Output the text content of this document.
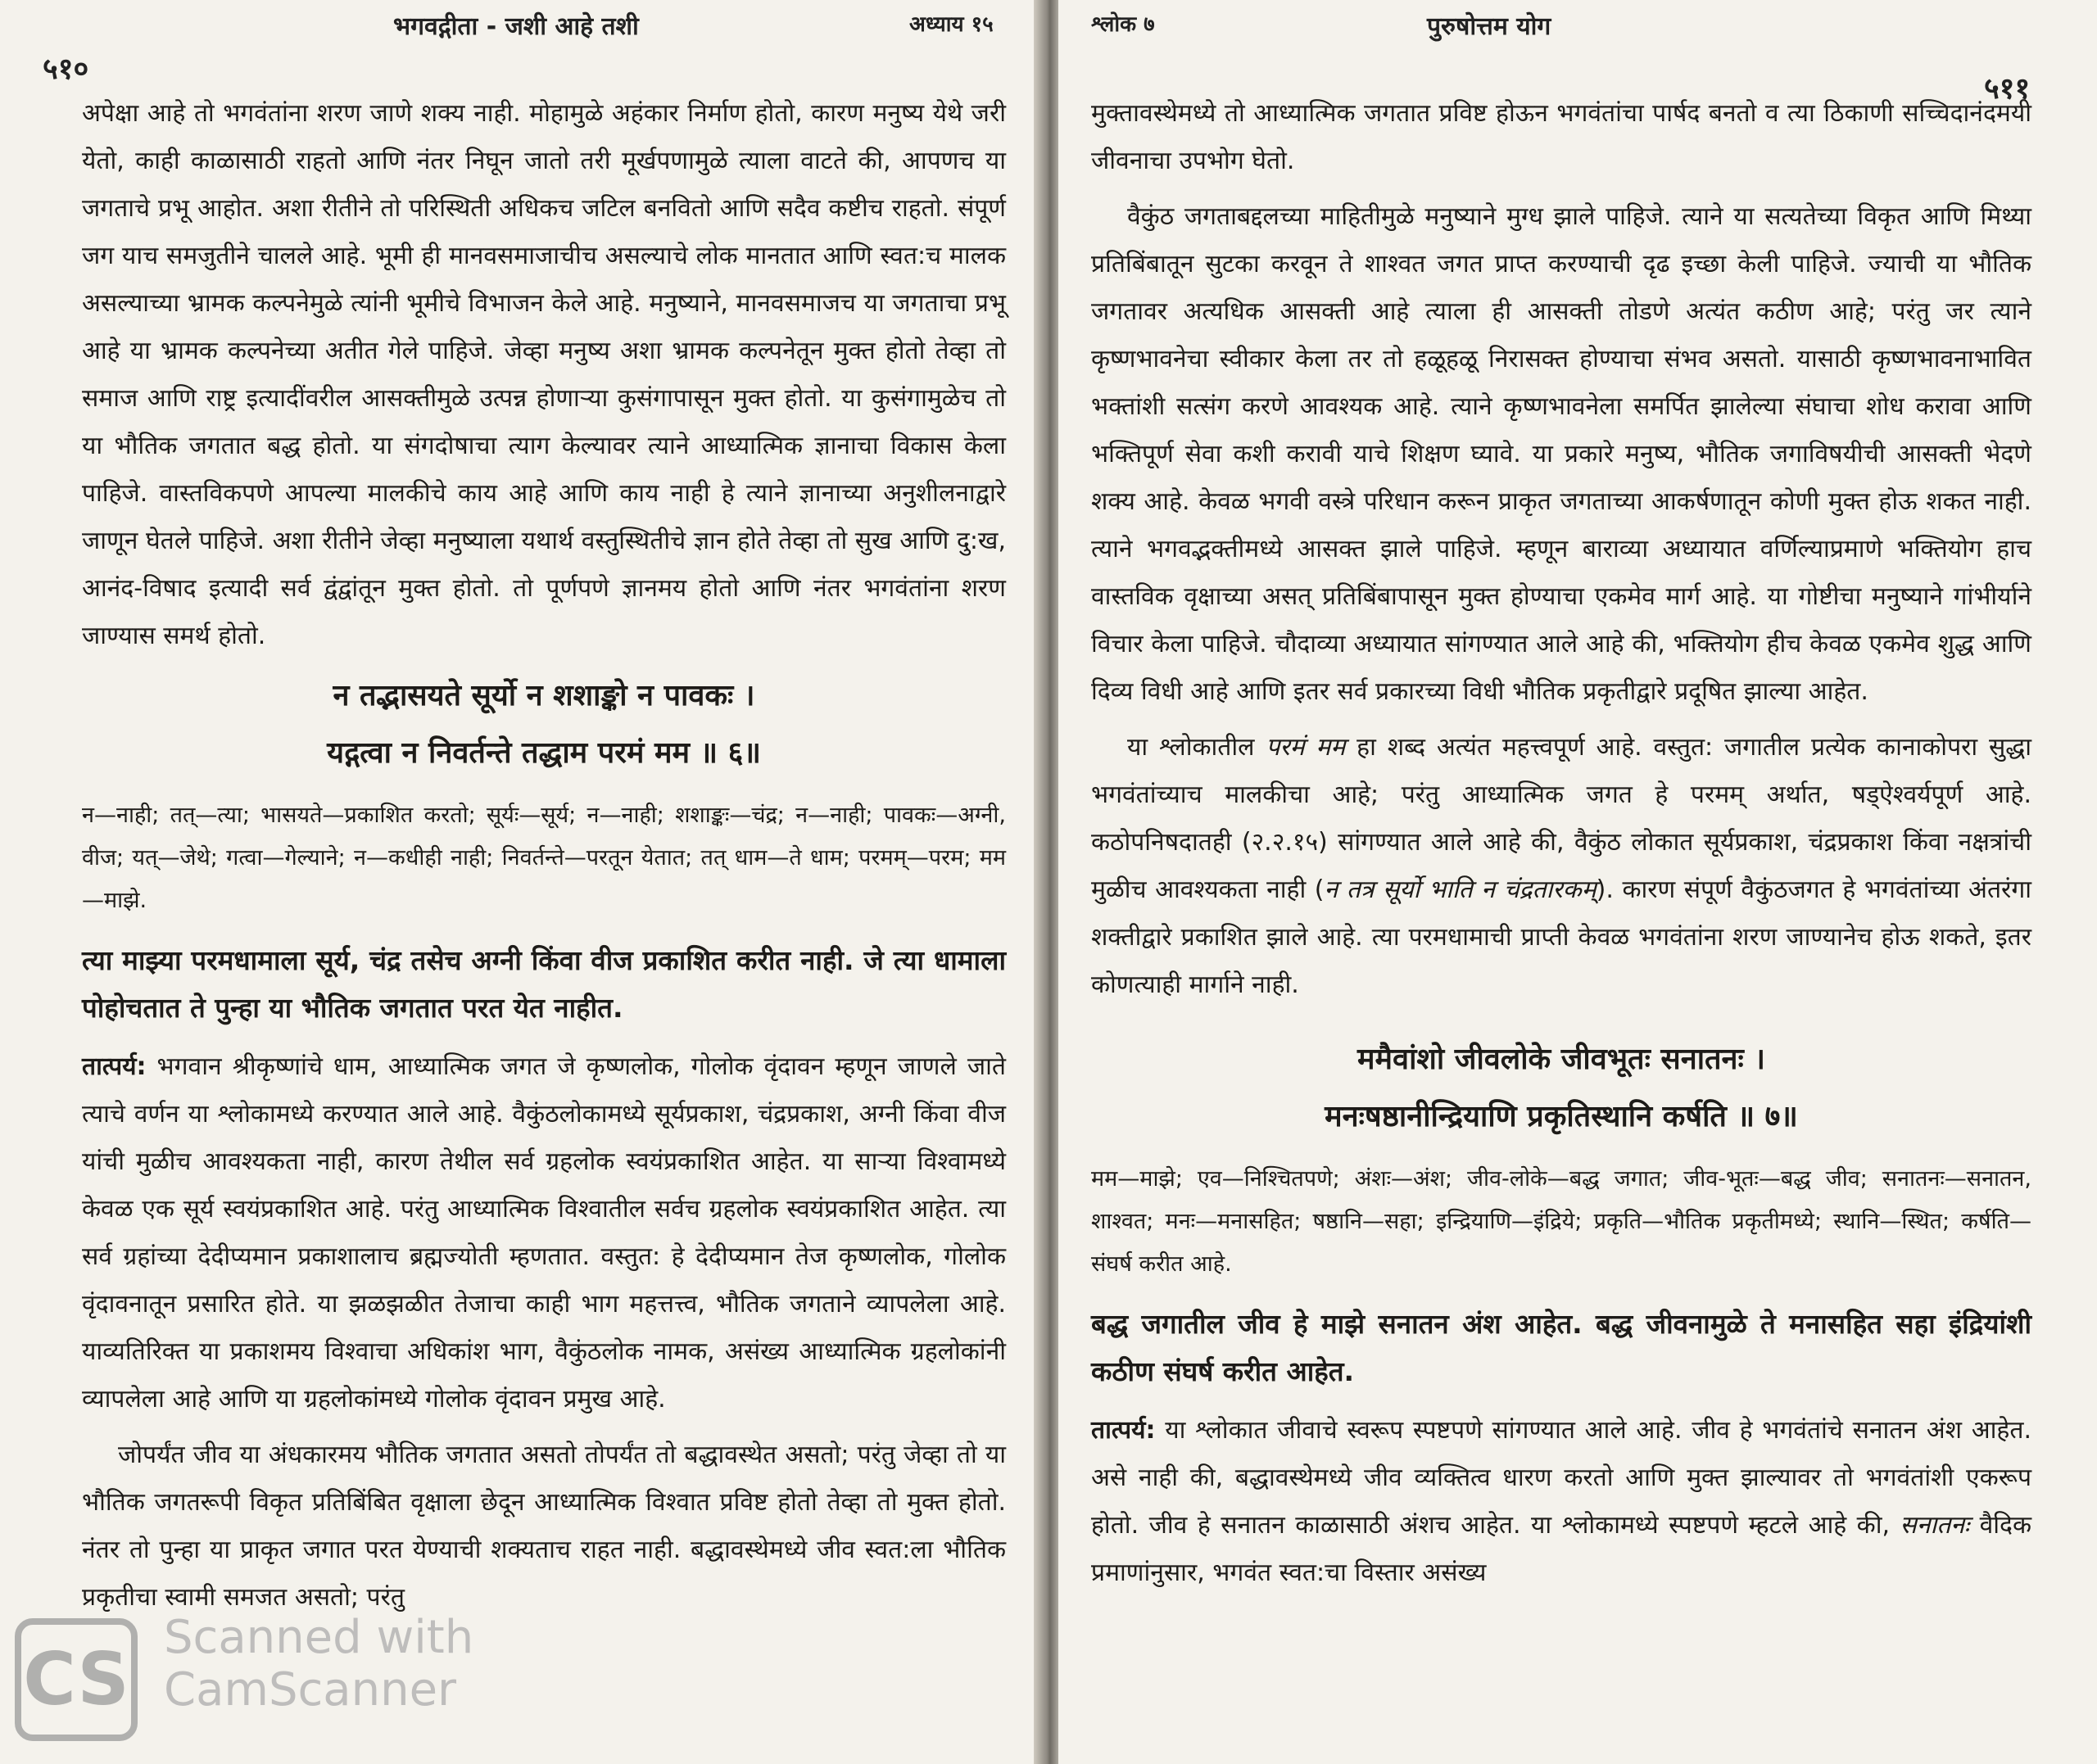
भगवद्गीता - जशी आहे तशी	अध्याय १५
५१०

अपेक्षा आहे तो भगवंतांना शरण जाणे शक्य नाही. मोहामुळे अहंकार निर्माण होतो, कारण मनुष्य येथे जरी येतो, काही काळासाठी राहतो आणि नंतर निघून जातो तरी मूर्खपणामुळे त्याला वाटते की, आपणच या जगताचे प्रभू आहोत. अशा रीतीने तो परिस्थिती अधिकच जटिल बनवितो आणि सदैव कष्टीच राहतो. संपूर्ण जग याच समजुतीने चालले आहे. भूमी ही मानवसमाजाचीच असल्याचे लोक मानतात आणि स्वत:च मालक असल्याच्या भ्रामक कल्पनेमुळे त्यांनी भूमीचे विभाजन केले आहे. मनुष्याने, मानवसमाजच या जगताचा प्रभू आहे या भ्रामक कल्पनेच्या अतीत गेले पाहिजे. जेव्हा मनुष्य अशा भ्रामक कल्पनेतून मुक्त होतो तेव्हा तो समाज आणि राष्ट्र इत्यादींवरील आसक्तीमुळे उत्पन्न होणाऱ्या कुसंगापासून मुक्त होतो. या कुसंगामुळेच तो या भौतिक जगतात बद्ध होतो. या संगदोषाचा त्याग केल्यावर त्याने आध्यात्मिक ज्ञानाचा विकास केला पाहिजे. वास्तविकपणे आपल्या मालकीचे काय आहे आणि काय नाही हे त्याने ज्ञानाच्या अनुशीलनाद्वारे जाणून घेतले पाहिजे. अशा रीतीने जेव्हा मनुष्याला यथार्थ वस्तुस्थितीचे ज्ञान होते तेव्हा तो सुख आणि दु:ख, आनंद-विषाद इत्यादी सर्व द्वंद्वांतून मुक्त होतो. तो पूर्णपणे ज्ञानमय होतो आणि नंतर भगवंतांना शरण जाण्यास समर्थ होतो.

न तद्भासयते सूर्यो न शशाङ्को न पावकः ।
यद्गत्वा न निवर्तन्ते तद्धाम परमं मम ॥ ६॥
न—नाही; तत्—त्या; भासयते—प्रकाशित करतो; सूर्यः—सूर्य; न—नाही; शशाङ्कः—चंद्र; न—नाही; पावकः—अग्नी, वीज; यत्—जेथे; गत्वा—गेल्याने; न—कधीही नाही; निवर्तन्ते—परतून येतात; तत् धाम—ते धाम; परमम्—परम; मम—माझे.
त्या माझ्या परमधामाला सूर्य, चंद्र तसेच अग्नी किंवा वीज प्रकाशित करीत नाही. जे त्या धामाला पोहोचतात ते पुन्हा या भौतिक जगतात परत येत नाहीत.

तात्पर्य: भगवान श्रीकृष्णांचे धाम, आध्यात्मिक जगत जे कृष्णलोक, गोलोक वृंदावन म्हणून जाणले जाते त्याचे वर्णन या श्लोकामध्ये करण्यात आले आहे. वैकुंठलोकामध्ये सूर्यप्रकाश, चंद्रप्रकाश, अग्नी किंवा वीज यांची मुळीच आवश्यकता नाही, कारण तेथील सर्व ग्रहलोक स्वयंप्रकाशित आहेत. या साऱ्या विश्वामध्ये केवळ एक सूर्य स्वयंप्रकाशित आहे. परंतु आध्यात्मिक विश्वातील सर्वच ग्रहलोक स्वयंप्रकाशित आहेत. त्या सर्व ग्रहांच्या देदीप्यमान प्रकाशालाच ब्रह्मज्योती म्हणतात. वस्तुत: हे देदीप्यमान तेज कृष्णलोक, गोलोक वृंदावनातून प्रसारित होते. या झळझळीत तेजाचा काही भाग महत्तत्त्व, भौतिक जगताने व्यापलेला आहे. याव्यतिरिक्त या प्रकाशमय विश्वाचा अधिकांश भाग, वैकुंठलोक नामक, असंख्य आध्यात्मिक ग्रहलोकांनी व्यापलेला आहे आणि या ग्रहलोकांमध्ये गोलोक वृंदावन प्रमुख आहे.

जोपर्यंत जीव या अंधकारमय भौतिक जगतात असतो तोपर्यंत तो बद्धावस्थेत असतो; परंतु जेव्हा तो या भौतिक जगतरूपी विकृत प्रतिबिंबित वृक्षाला छेदून आध्यात्मिक विश्वात प्रविष्ट होतो तेव्हा तो मुक्त होतो. नंतर तो पुन्हा या प्राकृत जगात परत येण्याची शक्यताच राहत नाही. बद्धावस्थेमध्ये जीव स्वत:ला भौतिक प्रकृतीचा स्वामी समजत असतो; परंतु

श्लोक ७	पुरुषोत्तम योग
५११

मुक्तावस्थेमध्ये तो आध्यात्मिक जगतात प्रविष्ट होऊन भगवंतांचा पार्षद बनतो व त्या ठिकाणी सच्चिदानंदमयी जीवनाचा उपभोग घेतो.

वैकुंठ जगताबद्दलच्या माहितीमुळे मनुष्याने मुग्ध झाले पाहिजे. त्याने या सत्यतेच्या विकृत आणि मिथ्या प्रतिबिंबातून सुटका करवून ते शाश्वत जगत प्राप्त करण्याची दृढ इच्छा केली पाहिजे. ज्याची या भौतिक जगतावर अत्यधिक आसक्ती आहे त्याला ही आसक्ती तोडणे अत्यंत कठीण आहे; परंतु जर त्याने कृष्णभावनेचा स्वीकार केला तर तो हळूहळू निरासक्त होण्याचा संभव असतो. यासाठी कृष्णभावनाभावित भक्तांशी सत्संग करणे आवश्यक आहे. त्याने कृष्णभावनेला समर्पित झालेल्या संघाचा शोध करावा आणि भक्तिपूर्ण सेवा कशी करावी याचे शिक्षण घ्यावे. या प्रकारे मनुष्य, भौतिक जगाविषयीची आसक्ती भेदणे शक्य आहे. केवळ भगवी वस्त्रे परिधान करून प्राकृत जगताच्या आकर्षणातून कोणी मुक्त होऊ शकत नाही. त्याने भगवद्भक्तीमध्ये आसक्त झाले पाहिजे. म्हणून बाराव्या अध्यायात वर्णिल्याप्रमाणे भक्तियोग हाच वास्तविक वृक्षाच्या असत् प्रतिबिंबापासून मुक्त होण्याचा एकमेव मार्ग आहे. या गोष्टीचा मनुष्याने गांभीर्याने विचार केला पाहिजे. चौदाव्या अध्यायात सांगण्यात आले आहे की, भक्तियोग हीच केवळ एकमेव शुद्ध आणि दिव्य विधी आहे आणि इतर सर्व प्रकारच्या विधी भौतिक प्रकृतीद्वारे प्रदूषित झाल्या आहेत.

या श्लोकातील परमं मम हा शब्द अत्यंत महत्त्वपूर्ण आहे. वस्तुत: जगातील प्रत्येक कानाकोपरा सुद्धा भगवंतांच्याच मालकीचा आहे; परंतु आध्यात्मिक जगत हे परमम् अर्थात, षड्ऐश्वर्यपूर्ण आहे. कठोपनिषदातही (२.२.१५) सांगण्यात आले आहे की, वैकुंठ लोकात सूर्यप्रकाश, चंद्रप्रकाश किंवा नक्षत्रांची मुळीच आवश्यकता नाही (न तत्र सूर्यो भाति न चंद्रतारकम्). कारण संपूर्ण वैकुंठजगत हे भगवंतांच्या अंतरंगा शक्तीद्वारे प्रकाशित झाले आहे. त्या परमधामाची प्राप्ती केवळ भगवंतांना शरण जाण्यानेच होऊ शकते, इतर कोणत्याही मार्गाने नाही.

ममैवांशो जीवलोके जीवभूतः सनातनः ।
मनःषष्ठानीन्द्रियाणि प्रकृतिस्थानि कर्षति ॥ ७॥
मम—माझे; एव—निश्चितपणे; अंशः—अंश; जीव-लोके—बद्ध जगात; जीव-भूतः—बद्ध जीव; सनातनः—सनातन, शाश्वत; मनः—मनासहित; षष्ठानि—सहा; इन्द्रियाणि—इंद्रिये; प्रकृति—भौतिक प्रकृतीमध्ये; स्थानि—स्थित; कर्षति—संघर्ष करीत आहे.
बद्ध जगातील जीव हे माझे सनातन अंश आहेत. बद्ध जीवनामुळे ते मनासहित सहा इंद्रियांशी कठीण संघर्ष करीत आहेत.

तात्पर्य: या श्लोकात जीवाचे स्वरूप स्पष्टपणे सांगण्यात आले आहे. जीव हे भगवंतांचे सनातन अंश आहेत. असे नाही की, बद्धावस्थेमध्ये जीव व्यक्तित्व धारण करतो आणि मुक्त झाल्यावर तो भगवंतांशी एकरूप होतो. जीव हे सनातन काळासाठी अंशच आहेत. या श्लोकामध्ये स्पष्टपणे म्हटले आहे की, सनातनः वैदिक प्रमाणांनुसार, भगवंत स्वत:चा विस्तार असंख्य

CS Scanned with
CamScanner
